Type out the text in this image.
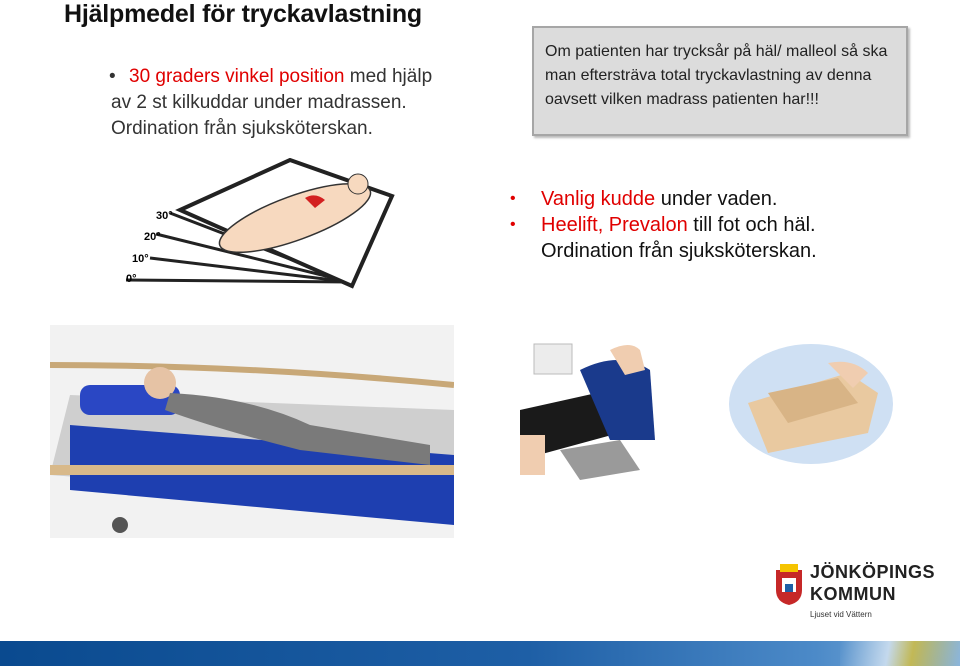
Hjälpmedel för tryckavlastning
• 30 graders vinkel position med hjälp
av 2 st kilkuddar under madrassen.
Ordination från sjuksköterskan.
Om patienten har trycksår på häl/ malleol så ska man eftersträva total tryckavlastning av denna oavsett vilken madrass patienten har!!!
• Vanlig kudde under vaden.
• Heelift, Prevalon till fot och häl.
Ordination från sjuksköterskan.
30°
20°
10°
0°
JÖNKÖPINGS
KOMMUN
Ljuset vid Vättern
